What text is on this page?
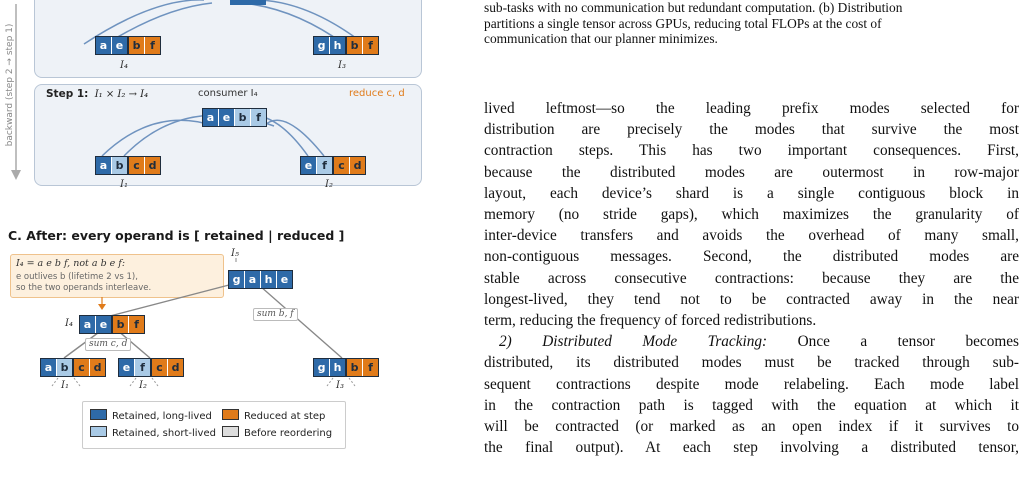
backward (step 2 → step 1)	a e b f
I₄
g h b f
I₃
Step 1: I₁ × I₂ → I₄	consumer I₄	reduce c, d
a e b f
a b c d
I₁
e f	c d
I₂
C. After: every operand is [ retained | reduced ]
I₄ = a e b f, not a b e f:
e outlives b (lifetime 2 vs 1),
so the two operands interleave.
I₅
g a h e
I₄ a e b f
sum b, f
sum c, d
a b c d	e f	c d	g h b f
I₁	I₂	I₃
Retained, long-lived
Retained, short-lived
Reduced at step
Before reordering
sub-tasks with no communication but redundant computation. (b) Distribution
partitions a single tensor across GPUs, reducing total FLOPs at the cost of
communication that our planner minimizes.
lived leftmost—so the leading prefix modes selected for
distribution are precisely the modes that survive the most
contraction steps. This has two important consequences. First,
because the distributed modes are outermost in row-major
layout, each device’s shard is a single contiguous block in
memory (no stride gaps), which maximizes the granularity of
inter-device transfers and avoids the overhead of many small,
non-contiguous messages. Second, the distributed modes are
stable across consecutive contractions: because they are the
longest-lived, they tend not to be contracted away in the near
term, reducing the frequency of forced redistributions.
2) Distributed Mode Tracking: Once a tensor becomes
distributed, its distributed modes must be tracked through sub-
sequent contractions despite mode relabeling. Each mode label
in the contraction path is tagged with the equation at which it
will be contracted (or marked as an open index if it survives to
the final output). At each step involving a distributed tensor,
